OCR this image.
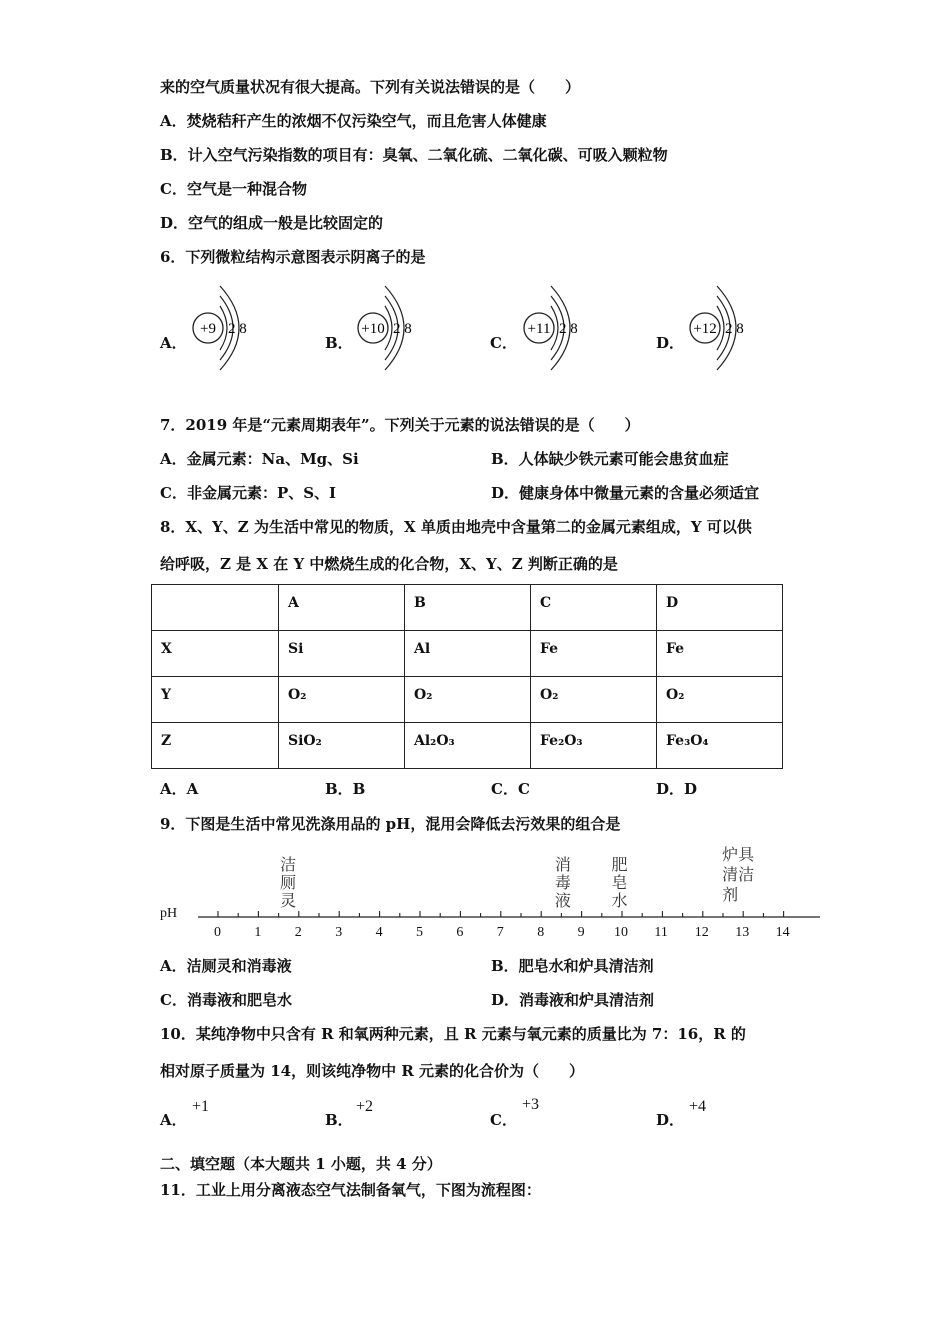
来的空气质量状况有很大提高。下列有关说法错误的是（　　）
A．焚烧秸秆产生的浓烟不仅污染空气，而且危害人体健康
B．计入空气污染指数的项目有：臭氧、二氧化硫、二氧化碳、可吸入颗粒物
C．空气是一种混合物
D．空气的组成一般是比较固定的
6．下列微粒结构示意图表示阴离子的是
A．
+9 2 8
B．
+10 2 8
C．
+11 2 8
D．
+12 2 8
7．2019 年是“元素周期表年”。下列关于元素的说法错误的是（　　）
A．金属元素：Na、Mg、Si	B．人体缺少铁元素可能会患贫血症
C．非金属元素：P、S、I	D．健康身体中微量元素的含量必须适宜
8．X、Y、Z 为生活中常见的物质，X 单质由地壳中含量第二的金属元素组成，Y 可以供
给呼吸，Z 是 X 在 Y 中燃烧生成的化合物，X、Y、Z 判断正确的是
	A	B	C	D
X	Si	Al	Fe	Fe
Y	O₂	O₂	O₂	O₂
Z	SiO₂	Al₂O₃	Fe₂O₃	Fe₃O₄
A．A	B．B	C．C	D．D
9．下图是生活中常见洗涤用品的 pH，混用会降低去污效果的组合是
pH
0 1 2 3 4 5 6 7 8 9 10 11 12 13 14
洁厕灵	消毒液 肥皂水
炉具
清洁
剂
A．洁厕灵和消毒液	B．肥皂水和炉具清洁剂
C．消毒液和肥皂水	D．消毒液和炉具清洁剂
10．某纯净物中只含有 R 和氧两种元素，且 R 元素与氧元素的质量比为 7：16，R 的
相对原子质量为 14，则该纯净物中 R 元素的化合价为（　　）
A．
+1
B．
+2
C．
+3
D．
+4
二、填空题（本大题共 1 小题，共 4 分）
11．工业上用分离液态空气法制备氧气，下图为流程图：
